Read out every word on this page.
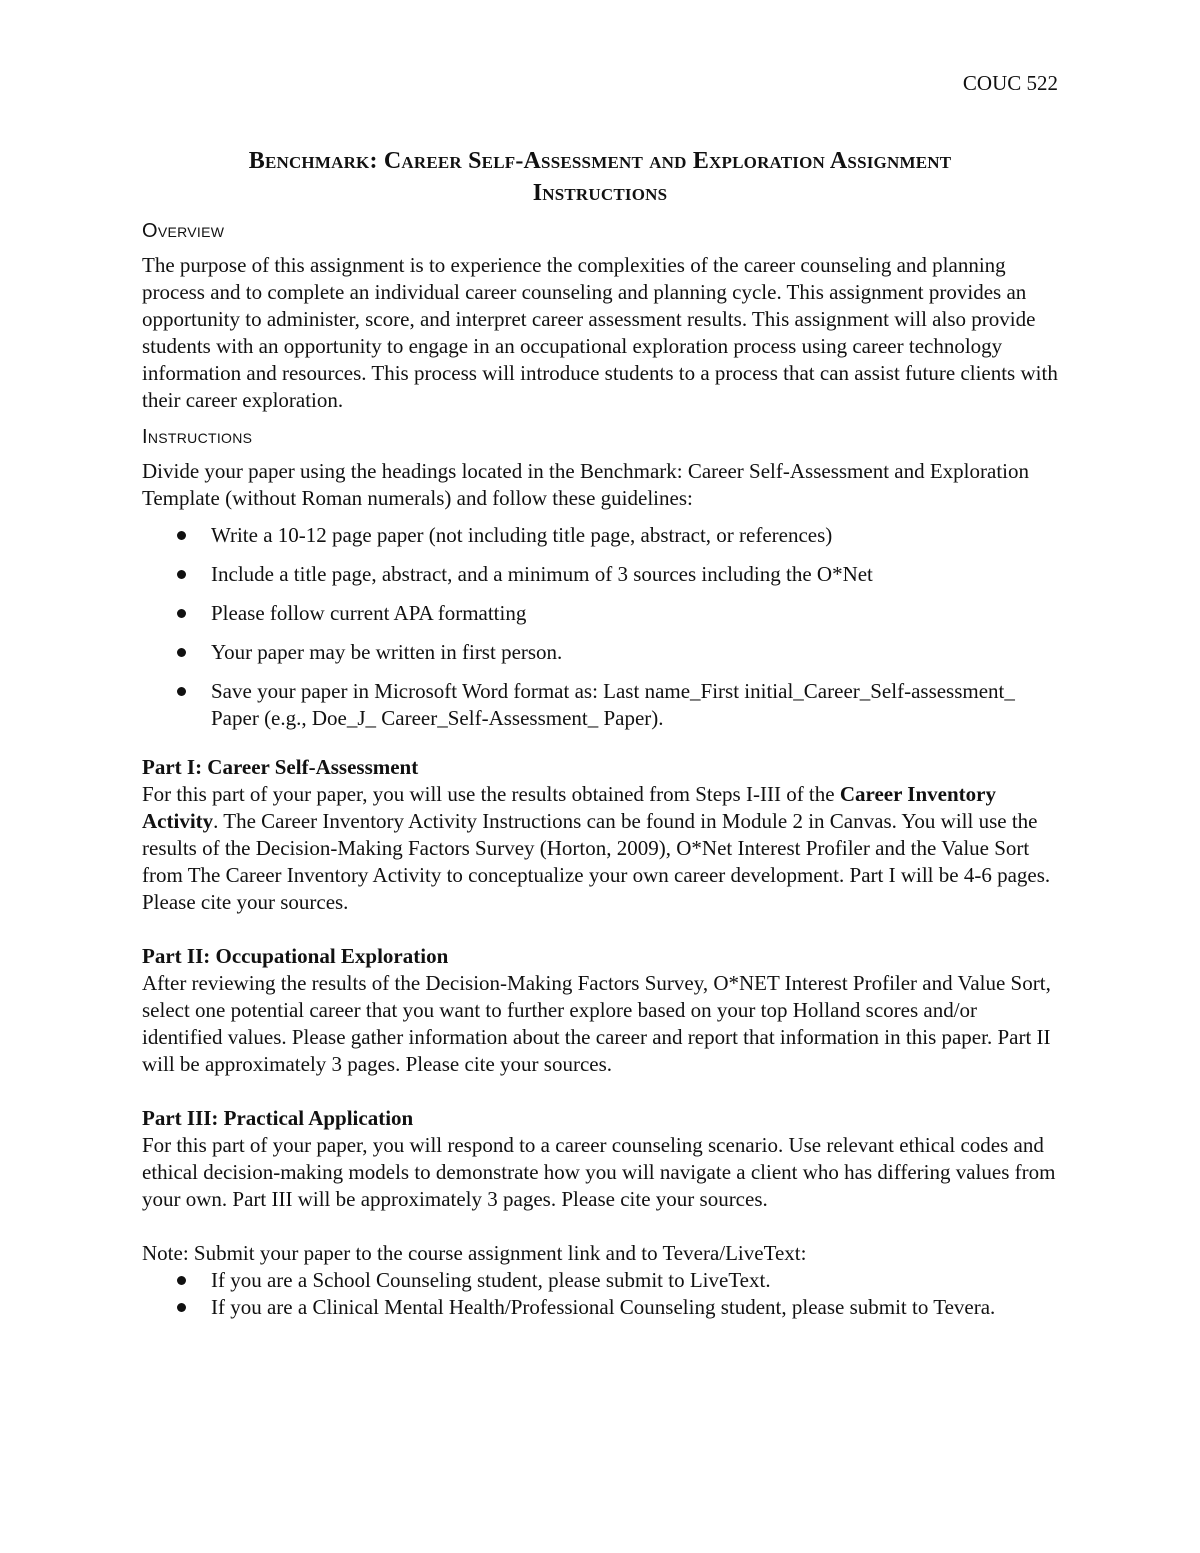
COUC 522
Benchmark: Career Self-Assessment and Exploration Assignment
Instructions
Overview

The purpose of this assignment is to experience the complexities of the career counseling and planning process and to complete an individual career counseling and planning cycle. This assignment provides an opportunity to administer, score, and interpret career assessment results. This assignment will also provide students with an opportunity to engage in an occupational exploration process using career technology information and resources. This process will introduce students to a process that can assist future clients with their career exploration.

Instructions

Divide your paper using the headings located in the Benchmark: Career Self-Assessment and Exploration Template (without Roman numerals) and follow these guidelines:

Write a 10-12 page paper (not including title page, abstract, or references)
Include a title page, abstract, and a minimum of 3 sources including the O*Net
Please follow current APA formatting
Your paper may be written in first person.
Save your paper in Microsoft Word format as: Last name_First initial_Career_Self-assessment_ Paper (e.g., Doe_J_ Career_Self-Assessment_ Paper).
Part I: Career Self-Assessment

For this part of your paper, you will use the results obtained from Steps I-III of the Career Inventory Activity. The Career Inventory Activity Instructions can be found in Module 2 in Canvas. You will use the results of the Decision-Making Factors Survey (Horton, 2009), O*Net Interest Profiler and the Value Sort from The Career Inventory Activity to conceptualize your own career development. Part I will be 4-6 pages. Please cite your sources.

Part II: Occupational Exploration

After reviewing the results of the Decision-Making Factors Survey, O*NET Interest Profiler and Value Sort, select one potential career that you want to further explore based on your top Holland scores and/or identified values. Please gather information about the career and report that information in this paper. Part II will be approximately 3 pages. Please cite your sources.

Part III: Practical Application

For this part of your paper, you will respond to a career counseling scenario. Use relevant ethical codes and ethical decision-making models to demonstrate how you will navigate a client who has differing values from your own. Part III will be approximately 3 pages. Please cite your sources.

Note: Submit your paper to the course assignment link and to Tevera/LiveText:

If you are a School Counseling student, please submit to LiveText.
If you are a Clinical Mental Health/Professional Counseling student, please submit to Tevera.
